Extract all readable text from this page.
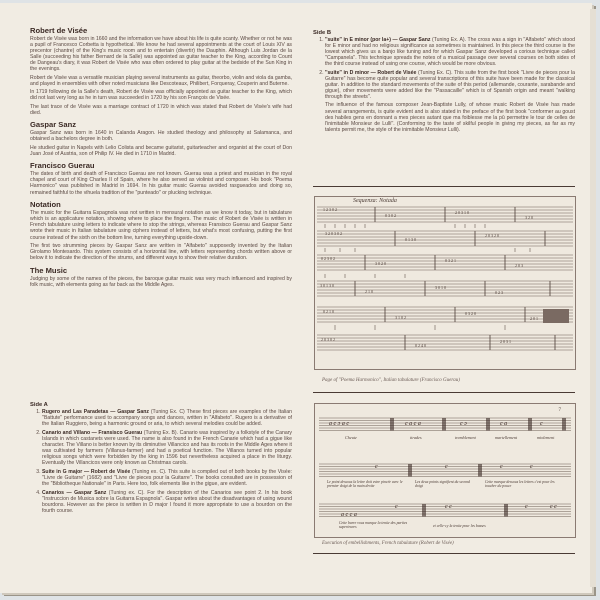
Robert de Visée

Robert de Visée was born in 1660 and the information we have about his life is quite scanty. Whether or not he was a pupil of Francesco Corbetta is hypothetical. We know he had several appointments at the court of Louis XIV as precentor (chantre) of the King's music room and to entertain (divertir) the Dauphin. Although Luis Jordan de la Salle (succeeding his father Bernard de la Salle) was appointed as guitar teacher to the King, according to Count de Dangeau's diary, it was Robert de Visée who was often ordered to play guitar at the bedside of the Sun King in the evenings.

Robert de Visée was a versatile musician playing several instruments as guitar, theorbo, violin and viola da gamba, and played in ensembles with other noted musicians like Descoteaux, Philibert, Forqueray, Couperin and Buterne.

In 1719 following de la Salle's death, Robert de Visée was officially appointed as guitar teacher to the King, which did not last very long as he in turn was succeeded in 1720 by his son François de Visée.

The last trace of de Visée was a marriage contract of 1720 in which was stated that Robert de Visée's wife had died.

Gaspar Sanz

Gaspar Sanz was born in 1640 in Calanda Aragon. He studied theology and philosophy at Salamanca, and obtained a bachelors degree in both.

He studied guitar in Napels with Lelio Colista and became guitarist, guitarteacher and organist at the court of Don Juan José of Austria, son of Philip IV. He died in 1710 in Madrid.

Francisco Guerau

The dates of birth and death of Francisco Guerau are not known. Guerau was a priest and musician in the royal chapel and court of King Charles II of Spain, where he also served as violinist and composer. His book ''Poema Harmonico'' was published in Madrid in 1694. In his guitar music Guerau avoided rasgueados and doing so, remained faithful to the vihuela tradition of the ''punteado'' or plucking technique.

Notation

The music for the Guitarra Espagnola was not written in mensural notation as we know it today, but in tabulature which is an applicature notation, showing where to place the fingers. The music of Robert de Visée is written in French tabulature using letters to indicate where to stop the strings, whereas Fransisco Guerau and Gaspar Sanz wrote their music in Italian tabulature using ciphers instead of letters, but what's most confusing, putting the first course instead of the sixth on the bottom line, turning everything upside-down.

The first two strumming pieces by Gaspar Sanz are written in ''Alfabeto'' supposedly invented by the Italian Girolamo Montesardo. This system consists of a horizontal line, with letters representing chords written above or below it to indicate the direction of the strums, and different ways to show their relative duration.

The Music

Judging by some of the names of the pieces, the baroque guitar music was very much influenced and inspired by folk music, with elements going as far back as the Middle Ages.

Side A
1. Rugero and Las Paradetas — Gaspar Sanz (Tuning Ex. C) These first pieces are examples of the Italian ''Battute'' performance used to accompany songs and dances, written in ''Alfabeto''. Rugero is a derivative of the Italian Ruggiero, being a harmonic ground or aria, to which several melodies could be added.
2. Canario and Villano — Fransisco Guerau (Tuning Ex. B). Canario was inspired by a folkstyle of the Canary Islands in which castanets were used. The name is also found in the French Canarie which had a gigue like character. The Villano is better known by its diminutive Villancico and has its roots in the Middle Ages where it was cultivated by farmers (Villanus-farmer) and had a poetical function. The Villanos turned into popular religious songs which were forbidden by the king in 1596 but nevertheless acquired a place in the liturgy. Eventually the Villancicos were only known as Christmas carols.
3. Suite in G major — Robert de Visée (Tuning ex. C). This suite is compiled out of both books by the Visée: ''Livre de Guitarre'' (1682) and ''Livre de pieces pour la Guitarre''. The books consulted are in possession of the ''Bibliotheque Nationale'' in Paris. Here too, folk elements like in the gigue, are evident.
4. Canarios — Gaspar Sanz (Tuning ex. C). For the description of the Canarios see point 2. In his book ''Instruccion de Musica sobre la Guitarra Espagnola''. Gaspar writes about the disadvantages of using wound bourdons. However as the piece is written in D major I found it more appropriate to use a bourdon on the fourth course.
Side B
1. ''suite'' in E minor (por la+) — Gaspar Sanz (Tuning Ex. A). The cross was a sign in ''Alfabeto'' which stood for E minor and had no religious significance as sometimes is maintained. In this piece the third course is the lowest which gives us a banjo like tuning and for which Gaspar Sanz developed a corious technique called ''Campanela''. This technique spreads the notes of a musical passage over several courses on both sides of the third course instead of using one course, which would be more obvious.
2. ''suite'' in D minor — Robert de Visée (Tuning Ex. C). This suite from the first book ''Livre de pieces pour la Guitarre'' has become quite popular and several transcriptions of this suite have been made for the classical guitar. In addition to the standard movements of the suite of this period (allemande, courante, sarabande and gigue), other movements were added like the ''Passacaille'' which is of Spanish origin and meant ''walking through the streets''.

The influence of the famous composer Jean-Baptiste Lully, of whose music Robert de Visée has made several arrangements, is quite evident and is also stated in the preface of the first book ''conformer au goust des habiles gens en donnant a mes pieces autant que ma foiblesse me la pû permettre le tour de celles de l'inimitable Monsieur de Lulli''. (Conforming to the taste of skilful people in giving my pieces, as far as my talents permit me, the style of the inimitable Monsieur Lulli).

Sequenza: Notada
1 2 3 0 2
0 3 0 2
2 0 3 1 0
3 2 0
3 2 0 3 0 2
0 1 3 0
2 0 3 2 0
0 2 3 0 2
3 0 2 0
0 3 2 1
2 0 3
3 0 1 3 0
2 1 0
3 0 1 0
0 2 3
0 2 1 0
3 1 0 2
0 3 2 0
2 0 1
2 0 3 0 2
0 2 4 0
2 0 3 1
Page of ''Poema Harmonico'', Italian tabulature (Francisco Guerau)
7
a c ɔ a c	c a c a	c ɔ	c a	c
c	c	c	c
a c c a
c	c c	c	c c
Cheute	tirades	tremblement	martellement	miolement
Le point dessous la lettre doit estre pincée avec le premier doigt de la main droite
Les deux points signifient du second doigt
Cette marque dessous les lettres c'est pour les toucher du pouce
Cette barre vous marque la tenüe des parties superieures	et celle-cy la tenüe pour les basses
Execution of embellishments, French tabulature (Robert de Visée)
